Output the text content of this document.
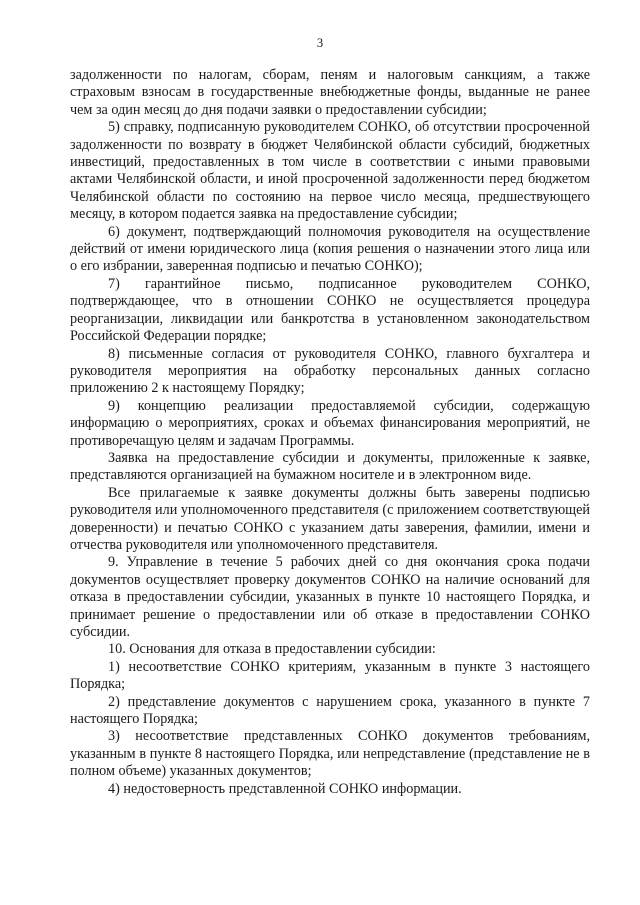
3

задолженности по налогам, сборам, пеням и налоговым санкциям, а также страховым взносам в государственные внебюджетные фонды, выданные не ранее чем за один месяц до дня подачи заявки о предоставлении субсидии;

5) справку, подписанную руководителем СОНКО, об отсутствии просроченной задолженности по возврату в бюджет Челябинской области субсидий, бюджетных инвестиций, предоставленных в том числе в соответствии с иными правовыми актами Челябинской области, и иной просроченной задолженности перед бюджетом Челябинской области по состоянию на первое число месяца, предшествующего месяцу, в котором подается заявка на предоставление субсидии;

6) документ, подтверждающий полномочия руководителя на осуществление действий от имени юридического лица (копия решения о назначении этого лица или о его избрании, заверенная подписью и печатью СОНКО);

7) гарантийное письмо, подписанное руководителем СОНКО, подтверждающее, что в отношении СОНКО не осуществляется процедура реорганизации, ликвидации или банкротства в установленном законодательством Российской Федерации порядке;

8) письменные согласия от руководителя СОНКО, главного бухгалтера и руководителя мероприятия на обработку персональных данных согласно приложению 2 к настоящему Порядку;

9) концепцию реализации предоставляемой субсидии, содержащую информацию о мероприятиях, сроках и объемах финансирования мероприятий, не противоречащую целям и задачам Программы.

Заявка на предоставление субсидии и документы, приложенные к заявке, представляются организацией на бумажном носителе и в электронном виде.

Все прилагаемые к заявке документы должны быть заверены подписью руководителя или уполномоченного представителя (с приложением соответствующей доверенности) и печатью СОНКО с указанием даты заверения, фамилии, имени и отчества руководителя или уполномоченного представителя.

9. Управление в течение 5 рабочих дней со дня окончания срока подачи документов осуществляет проверку документов СОНКО на наличие оснований для отказа в предоставлении субсидии, указанных в пункте 10 настоящего Порядка, и принимает решение о предоставлении или об отказе в предоставлении СОНКО субсидии.

10. Основания для отказа в предоставлении субсидии:

1) несоответствие СОНКО критериям, указанным в пункте 3 настоящего Порядка;

2) представление документов с нарушением срока, указанного в пункте 7 настоящего Порядка;

3) несоответствие представленных СОНКО документов требованиям, указанным в пункте 8 настоящего Порядка, или непредставление (представление не в полном объеме) указанных документов;

4) недостоверность представленной СОНКО информации.
